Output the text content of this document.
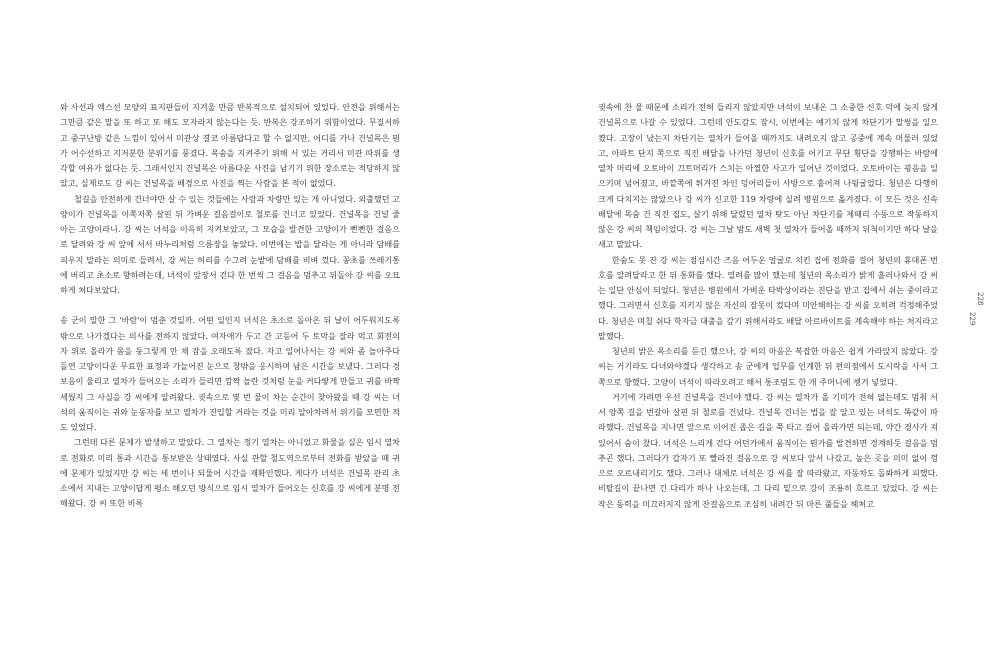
와 사선과 엑스선 모양의 표지판들이 지겨울 만큼 반복적으로 설치되어 있었다. 안전을 위해서는 그만큼 같은 말을 또 하고 또 해도 모자라지 않는다는 듯. 반복은 강조하기 위함이었다. 무질서하고 중구난방 같은 느낌이 있어서 미관상 결코 아름답다고 할 수 없지만, 어디를 가나 건널목은 뭔가 어수선하고 지저분한 분위기를 풍겼다. 목숨을 지켜주기 위해 서 있는 거리서 미관 따위를 생각할 여유가 없다는 듯. 그래서인지 건널목은 아름다운 사진을 남기기 위한 장소로는 적당하지 않았고, 실제로도 강 씨는 건널목을 배경으로 사진을 찍는 사람을 본 적이 없었다.

철길을 안전하게 건너야만 살 수 있는 것들에는 사람과 차량만 있는 게 아니었다. 외출했던 고양이가 건널목을 이쪽저쪽 살핀 뒤 가벼운 걸음걸이로 철로를 건너고 있었다. 건널목을 건널 줄 아는 고양이라니. 강 씨는 녀석을 이윽히 지켜보았고, 그 모습을 발견한 고양이가 뻔뻔한 걸음으로 달려와 강 씨 앞에 서서 바누리처럼 으름장을 놓았다. 이번에는 밥을 달라는 게 아니라 담배를 피우지 말라는 의미로 들려서, 강 씨는 허리를 수그려 눈밭에 담배를 비벼 껐다. 꽁초를 쓰레기통에 버리고 초소로 향하려는데, 녀석이 앞장서 걷다 한 번씩 그 걸음을 멈추고 뒤돌아 강 씨를 오묘하게 쳐다보았다.

송 군이 말한 그 '바람'이 멈춘 것일까. 어떤 일인지 녀석은 초소로 돌아온 뒤 날이 어두워지도록 밖으로 나가겠다는 의사를 전하지 않았다. 여자애가 두고 간 고등어 두 토막을 잘라 먹고 회전의자 위로 올라가 몸을 둥그렇게 만 채 잠을 오래도록 잤다. 자고 일어나서는 강 씨와 좀 놀아주다 돌연 고양이다운 무료한 표정과 가늘어진 눈으로 창밖을 응시하며 남은 시간을 보냈다. 그러다 경보음이 울리고 열차가 들어오는 소리가 들리면 깜짝 놀란 것처럼 눈을 커다랗게 만들고 귀를 바짝 세웠지 그 사실을 강 씨에게 알려왔다. 귓속으로 몇 번 물이 차는 순간이 찾아왔을 때 강 씨는 녀석의 움직이는 귀와 눈동자를 보고 열차가 진입할 거라는 것을 미리 알아차려서 위기를 모면한 적도 있었다.

그런데 다른 문제가 발생하고 말았다. 그 열차는 정기 열차는 아니었고 화물을 실은 임시 열차로 전화로 미리 통과 시간을 통보받은 상태였다. 사실 관할 철도역으로부터 전화를 받았을 때 귀에 문제가 있었지만 강 씨는 세 번이나 되물어 시간을 재확인했다. 게다가 녀석은 건널목 관리 초소에서 지내는 고양이답게 평소 해오던 방식으로 임시 열차가 들어오는 신호를 강 씨에게 분명 전해왔다. 강 씨 또한 비록

귓속에 찬 물 때문에 소리가 전혀 들리지 않았지만 녀석이 보내온 그 소중한 신호 덕에 늦지 않게 건널목으로 나갈 수 있었다. 그런데 안도감도 잠시, 이번에는 예기치 않게 차단기가 말썽을 일으켰다. 고장이 났는지 차단기는 열차가 들어올 때까지도 내려오지 않고 공중에 계속 머물러 있었고, 아파트 단지 쪽으로 직진 배달을 나가던 청년이 신호를 어기고 무단 횡단을 강행하는 바람에 열차 머리에 오토바이 끄트머리가 스치는 아찔한 사고가 일어난 것이었다. 오토바이는 굉음을 일으키며 넘어졌고, 바깥쪽에 튀겨진 차인 덩어리들이 사방으로 흩어져 나뒹굴었다. 청년은 다행히 크게 다치지는 않았으나 강 씨가 신고한 119 차량에 실려 병원으로 옮겨졌다. 이 모든 것은 신속 배달에 목숨 건 직진 집도, 살기 위해 달렸던 열차 탓도 아닌 차단기를 제때리 수동으로 작동하지 않은 강 씨의 책임이었다. 강 씨는 그날 밤도 새벽 첫 열차가 들어올 때까지 뒤척이기만 하다 날을 새고 말았다.

한숨도 못 잔 강 씨는 점심시간 즈음 어두운 얼굴로 치킨 집에 전화를 걸어 청년의 휴대폰 번호를 알려달라고 한 뒤 통화를 했다. 열려를 많이 했는데 청년의 목소리가 밝게 흘러나와서 강 씨는 일단 안심이 되었다. 청년은 병원에서 가벼운 타박상이라는 진단을 받고 집에서 쉬는 중이라고 했다. 그러면서 신호를 지키지 않은 자신의 잘못이 컸다며 미안해하는 강 씨를 오히려 걱정해주었다. 청년은 며칠 쉬다 학자금 대출을 갚기 위해서라도 배달 아르바이트를 계속해야 하는 처지라고 말했다.

청년의 밝은 목소리를 듣긴 했으나, 강 씨의 마음은 복잡한 마음은 쉽게 가라앉지 않았다. 강 씨는 거기라도 다녀와야겠다 생각하고 송 군에게 업무를 인계한 뒤 편의점에서 도시락을 사서 그쪽으로 향했다. 고양이 녀석이 따라오려고 해서 통조림도 한 개 주머니에 챙겨 넣었다.

거기에 가려면 우선 건널목을 건너야 했다. 강 씨는 열차가 올 기미가 전혀 없는데도 멈춰 서서 양쪽 길을 번갈아 살핀 뒤 철로를 건넜다. 건널목 건너는 법을 잘 알고 있는 녀석도 똑같이 따라했다. 건널목을 지나면 앞으로 이어진 좁은 길을 쭉 타고 걸어 올라가면 되는데, 약간 경사가 져 있어서 숨이 찼다. 녀석은 느리게 걷다 어던가에서 움직이는 뭔가를 발견하면 경계하듯 걸음을 멈추곤 했다. 그러다가 갑자기 또 빨라진 걸음으로 강 씨보다 앞서 나갔고, 높은 곳을 의미 없이 껑으로 오르내리기도 했다. 그러나 대체로 녀석은 강 씨를 잘 따라왔고, 자동차도 돌봐하게 피했다. 비탈길이 끝나면 긴 다리가 하나 나오는데, 그 다리 밑으로 강이 조용히 흐르고 있었다. 강 씨는 작은 동력을 미끄러지지 않게 잔걸음으로 조심히 내려간 뒤 마른 풀들을 헤쳐고

228
229
